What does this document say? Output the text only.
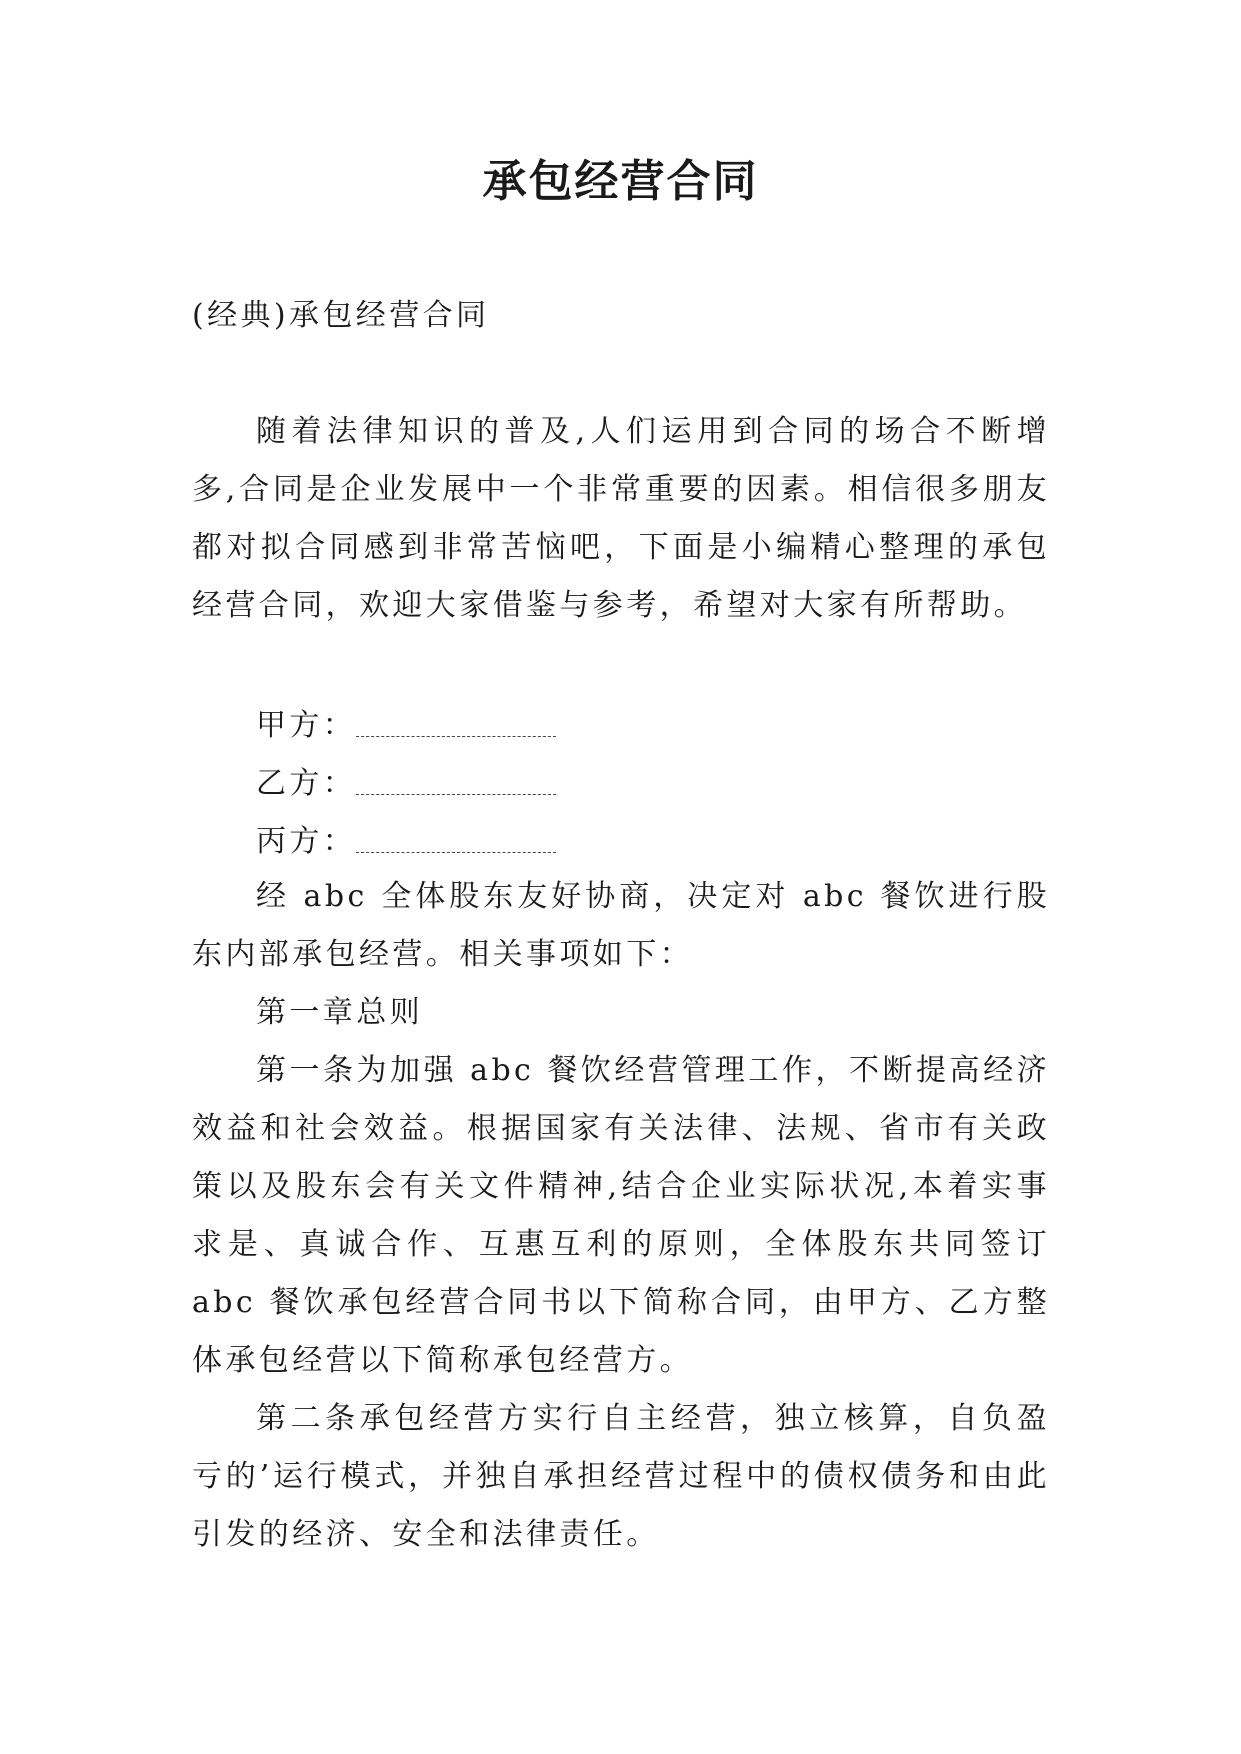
承包经营合同
(经典)承包经营合同
随着法律知识的普及,人们运用到合同的场合不断增多,合同是企业发展中一个非常重要的因素。相信很多朋友都对拟合同感到非常苦恼吧，下面是小编精心整理的承包经营合同，欢迎大家借鉴与参考，希望对大家有所帮助。
甲方：
乙方：
丙方：

经 abc 全体股东友好协商，决定对 abc 餐饮进行股东内部承包经营。相关事项如下：

第一章总则

第一条为加强 abc 餐饮经营管理工作，不断提高经济效益和社会效益。根据国家有关法律、法规、省市有关政策以及股东会有关文件精神,结合企业实际状况,本着实事求是、真诚合作、互惠互利的原则，全体股东共同签订 abc 餐饮承包经营合同书以下简称合同，由甲方、乙方整体承包经营以下简称承包经营方。

第二条承包经营方实行自主经营，独立核算，自负盈亏的’运行模式，并独自承担经营过程中的债权债务和由此引发的经济、安全和法律责任。
